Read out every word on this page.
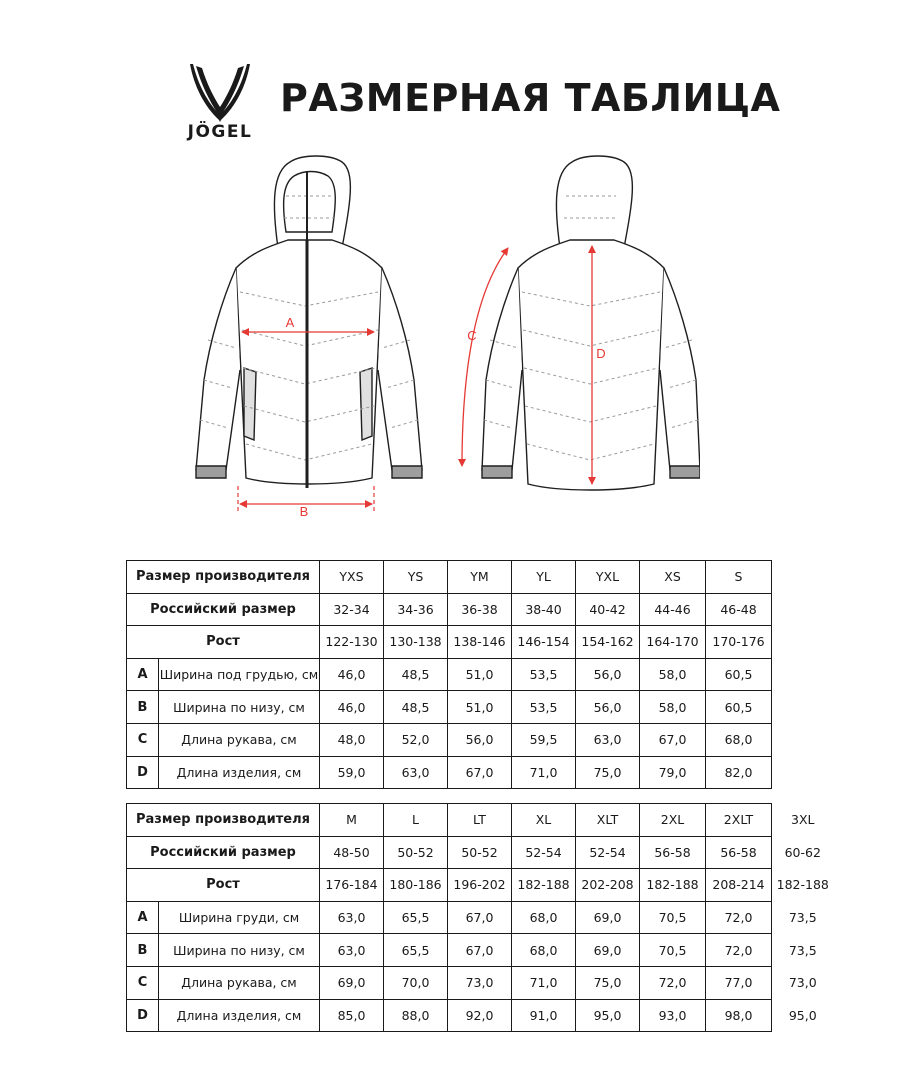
JÖGEL
РАЗМЕРНАЯ ТАБЛИЦА
A
B
C
D
Размер производителя		YXS	YS	YM	YL	YXL	XS	S
Российский размер		32-34	34-36	36-38	38-40	40-42	44-46	46-48
Рост		122-130	130-138	138-146	146-154	154-162	164-170	170-176
A	Ширина под грудью, см	46,0	48,5	51,0	53,5	56,0	58,0	60,5
B	Ширина по низу, см	46,0	48,5	51,0	53,5	56,0	58,0	60,5
C	Длина рукава, см	48,0	52,0	56,0	59,5	63,0	67,0	68,0
D	Длина изделия, см	59,0	63,0	67,0	71,0	75,0	79,0	82,0
Размер производителя		M	L	LT	XL	XLT	2XL	2XLT	3XL
Российский размер		48-50	50-52	50-52	52-54	52-54	56-58	56-58	60-62
Рост		176-184	180-186	196-202	182-188	202-208	182-188	208-214	182-188
A	Ширина груди, см	63,0	65,5	67,0	68,0	69,0	70,5	72,0	73,5
B	Ширина по низу, см	63,0	65,5	67,0	68,0	69,0	70,5	72,0	73,5
C	Длина рукава, см	69,0	70,0	73,0	71,0	75,0	72,0	77,0	73,0
D	Длина изделия, см	85,0	88,0	92,0	91,0	95,0	93,0	98,0	95,0
